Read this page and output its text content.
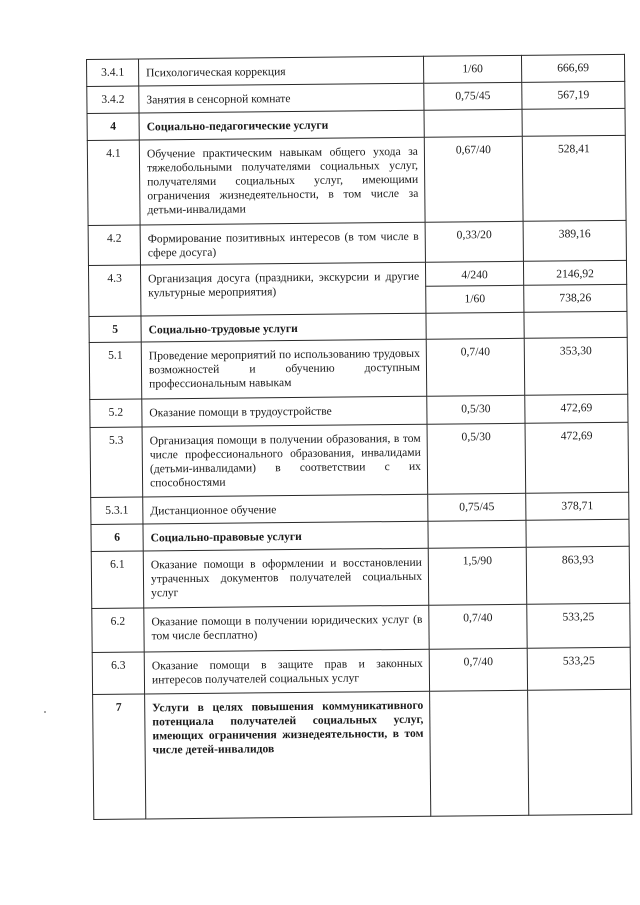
3.4.1	Психологическая коррекция	1/60	666,69
3.4.2	Занятия в сенсорной комнате	0,75/45	567,19
4	Социально-педагогические услуги		
4.1	Обучение практическим навыкам общего ухода за тяжелобольными получателями социальных услуг, получателями социальных услуг, имеющими ограничения жизнедеятельности, в том числе за детьми-инвалидами	0,67/40	528,41
4.2	Формирование позитивных интересов (в том числе в сфере досуга)	0,33/20	389,16
4.3	Организация досуга (праздники, экскурсии и другие культурные мероприятия)	4/240	2146,92
		1/60	738,26
5	Социально-трудовые услуги		
5.1	Проведение мероприятий по использованию трудовых возможностей и обучению доступным профессиональным навыкам	0,7/40	353,30
5.2	Оказание помощи в трудоустройстве	0,5/30	472,69
5.3	Организация помощи в получении образования, в том числе профессионального образования, инвалидами (детьми-инвалидами) в соответствии с их способностями	0,5/30	472,69
5.3.1	Дистанционное обучение	0,75/45	378,71
6	Социально-правовые услуги		
6.1	Оказание помощи в оформлении и восстановлении утраченных документов получателей социальных услуг	1,5/90	863,93
6.2	Оказание помощи в получении юридических услуг (в том числе бесплатно)	0,7/40	533,25
6.3	Оказание помощи в защите прав и законных интересов получателей социальных услуг	0,7/40	533,25
7	Услуги в целях повышения коммуникативного потенциала получателей социальных услуг, имеющих ограничения жизнедеятельности, в том числе детей-инвалидов		
